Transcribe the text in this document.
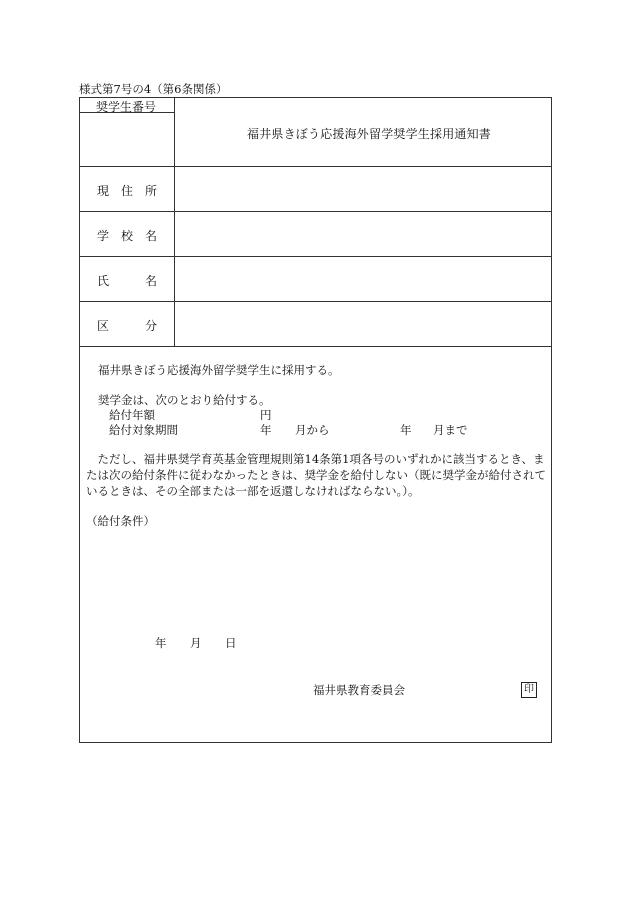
様式第7号の4（第6条関係）
奨学生番号
福井県きぼう応援海外留学奨学生採用通知書
現 住 所
学 校 名
氏	名
区	分
福井県きぼう応援海外留学奨学生に採用する。
奨学金は、次のとおり給付する。
給付年額	円
給付対象期間	年 月から	年 月まで
ただし、福井県奨学育英基金管理規則第14条第1項各号のいずれかに該当するとき、または次の給付条件に従わなかったときは、奨学金を給付しない（既に奨学金が給付されているときは、その全部または一部を返還しなければならない。）。
（給付条件）
年 月 日
福井県教育委員会	印
